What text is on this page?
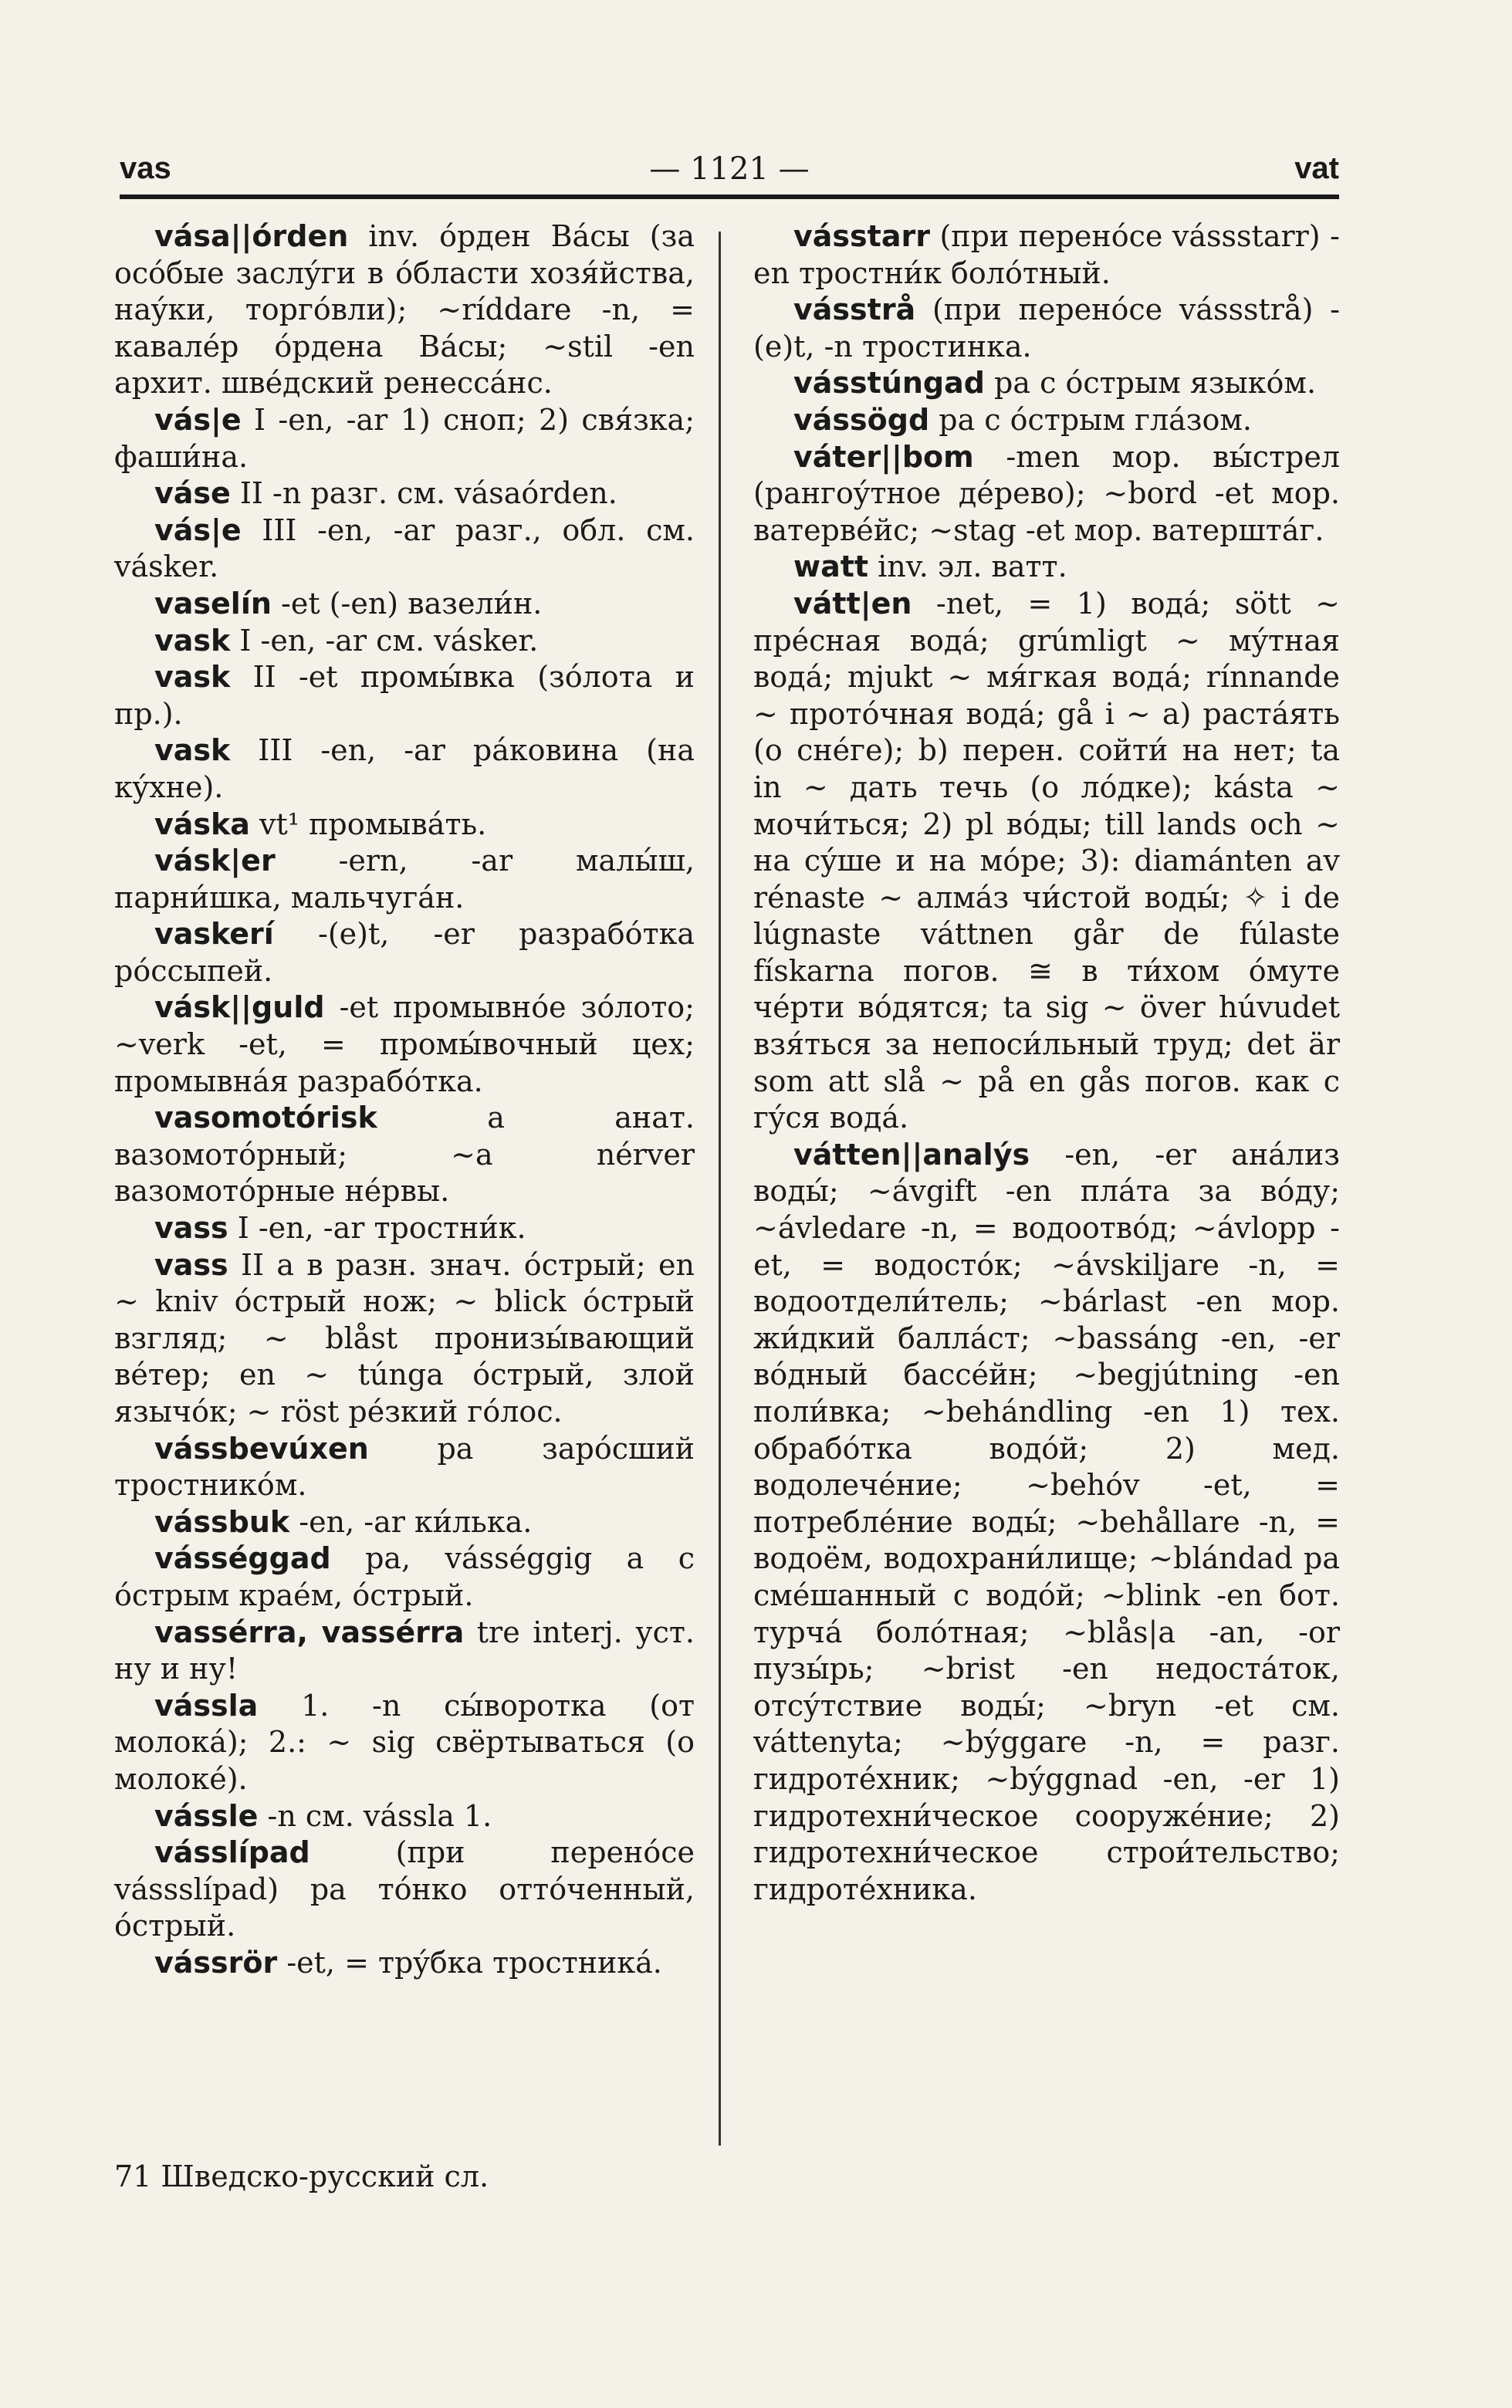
vas	— 1121 —	vat

vása||órden inv. óрден Вáсы (за осóбые заслýги в óбласти хозя́йства, наýки, торгóвли); ~ríddare -n, = кавалéр óрдена Вáсы; ~stil -en архит. швéдский ренессáнс.

vás|e I -en, -ar 1) сноп; 2) свя́зка; фаши́на.

váse II -n разг. см. vásaórden.

vás|e III -en, -ar разг., обл. см. vásker.

vaselín -et (-en) вазели́н.

vask I -en, -ar см. vásker.

vask II -et промы́вка (зóлота и пр.).

vask III -en, -ar рáковина (на кýхне).

váska vt¹ промывáть.

vásk|er -ern, -ar малы́ш, парни́шка, мальчугáн.

vaskerí -(e)t, -er разрабóтка рóссыпей.

vásk||guld -et промывнóе зóлото; ~verk -et, = промы́вочный цех; промывнáя разрабóтка.

vasomotórisk a анат. вазомотóрный; ~a nérver вазомотóрные нéрвы.

vass I -en, -ar тростни́к.

vass II a в разн. знач. óстрый; en ~ kniv óстрый нож; ~ blick óстрый взгляд; ~ blåst пронизы́вающий вéтер; en ~ túnga óстрый, злой язычóк; ~ röst рéзкий гóлос.

vássbevúxen pa зарóсший тростникóм.

vássbuk -en, -ar ки́лька.

vásséggad pa, vásséggig a с óстрым краéм, óстрый.

vassérra, vassérra tre interj. уст. ну и ну!

vássla 1. -n сы́воротка (от молокá); 2.: ~ sig свёртываться (о молокé).

vássle -n см. vássla 1.

vásslípad (при перенóсе vássslípad) pa тóнко оттóченный, óстрый.

vássrör -et, = трýбка тростникá.

vásstarr (при перенóсе vássstarr) -en тростни́к болóтный.

vásstrå (при перенóсе vássstrå) -(e)t, -n тростинка.

vásstúngad pa с óстрым языкóм.

vássögd pa с óстрым глáзом.

váter||bom -men мор. вы́стрел (рангоýтное дéрево); ~bord -et мор. ватервéйс; ~stag -et мор. ватерштáг.

watt inv. эл. ватт.

vátt|en -net, = 1) водá; sött ~ прéсная водá; grúmligt ~ мýтная водá; mjukt ~ мя́гкая водá; rínnande ~ протóчная водá; gå i ~ a) растáять (о снéге); b) перен. сойти́ на нет; ta in ~ дать течь (о лóдке); kásta ~ мочи́ться; 2) pl вóды; till lands och ~ на сýше и на мóре; 3): diamánten av rénaste ~ алмáз чи́стой воды́; ✧ i de lúgnaste váttnen går de fúlaste fískarna погов. ≅ в ти́хом óмуте чéрти вóдятся; ta sig ~ över húvudet взя́ться за непоси́льный труд; det är som att slå ~ på en gås погов. как с гýся водá.

vátten||analýs -en, -er анáлиз воды́; ~ávgift -en плáта за вóду; ~ávledare -n, = водоотвóд; ~ávlopp -et, = водостóк; ~ávskiljare -n, = водоотдели́тель; ~bárlast -en мор. жи́дкий баллáст; ~bassáng -en, -er вóдный бассéйн; ~begjútning -en поли́вка; ~behándling -en 1) тех. обрабóтка водóй; 2) мед. водолечéние; ~behóv -et, = потреблéние воды́; ~behållare -n, = водоём, водохрани́лище; ~blándad pa смéшанный с водóй; ~blink -en бот. турчá болóтная; ~blås|a -an, -or пузы́рь; ~brist -en недостáток, отсýтствие воды́; ~bryn -et см. váttenyta; ~býggare -n, = разг. гидротéхник; ~býggnad -en, -er 1) гидротехни́ческое сооружéние; 2) гидротехни́ческое стрoи́тельство; гидротéхника.

71 Шведско-русский сл.
